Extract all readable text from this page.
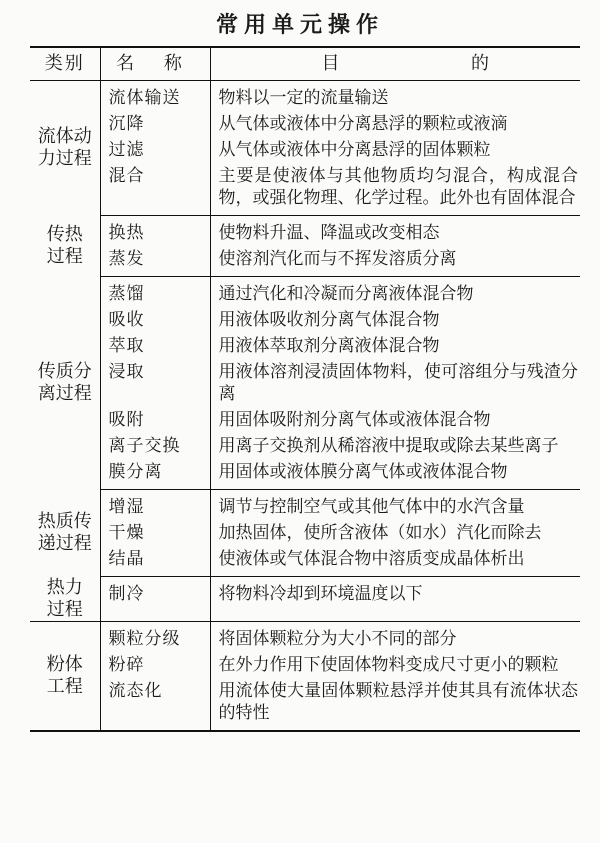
常用单元操作
类别	名 称	目 的

流体动力过程	流体输送	物料以一定的流量输送
	沉降	从气体或液体中分离悬浮的颗粒或液滴
	过滤	从气体或液体中分离悬浮的固体颗粒
	混合	主要是使液体与其他物质均匀混合，构成混合物，或强化物理、化学过程。此外也有固体混合
传热过程	换热	使物料升温、降温或改变相态
	蒸发	使溶剂汽化而与不挥发溶质分离
传质分离过程	蒸馏	通过汽化和冷凝而分离液体混合物
	吸收	用液体吸收剂分离气体混合物
	萃取	用液体萃取剂分离液体混合物
	浸取	用液体溶剂浸渍固体物料，使可溶组分与残渣分离
	吸附	用固体吸附剂分离气体或液体混合物
	离子交换	用离子交换剂从稀溶液中提取或除去某些离子
	膜分离	用固体或液体膜分离气体或液体混合物
热质传递过程	增湿	调节与控制空气或其他气体中的水汽含量
	干燥	加热固体，使所含液体（如水）汽化而除去
	结晶	使液体或气体混合物中溶质变成晶体析出
热力过程	制冷	将物料冷却到环境温度以下
粉体工程	颗粒分级	将固体颗粒分为大小不同的部分
	粉碎	在外力作用下使固体物料变成尺寸更小的颗粒
	流态化	用流体使大量固体颗粒悬浮并使其具有流体状态的特性
